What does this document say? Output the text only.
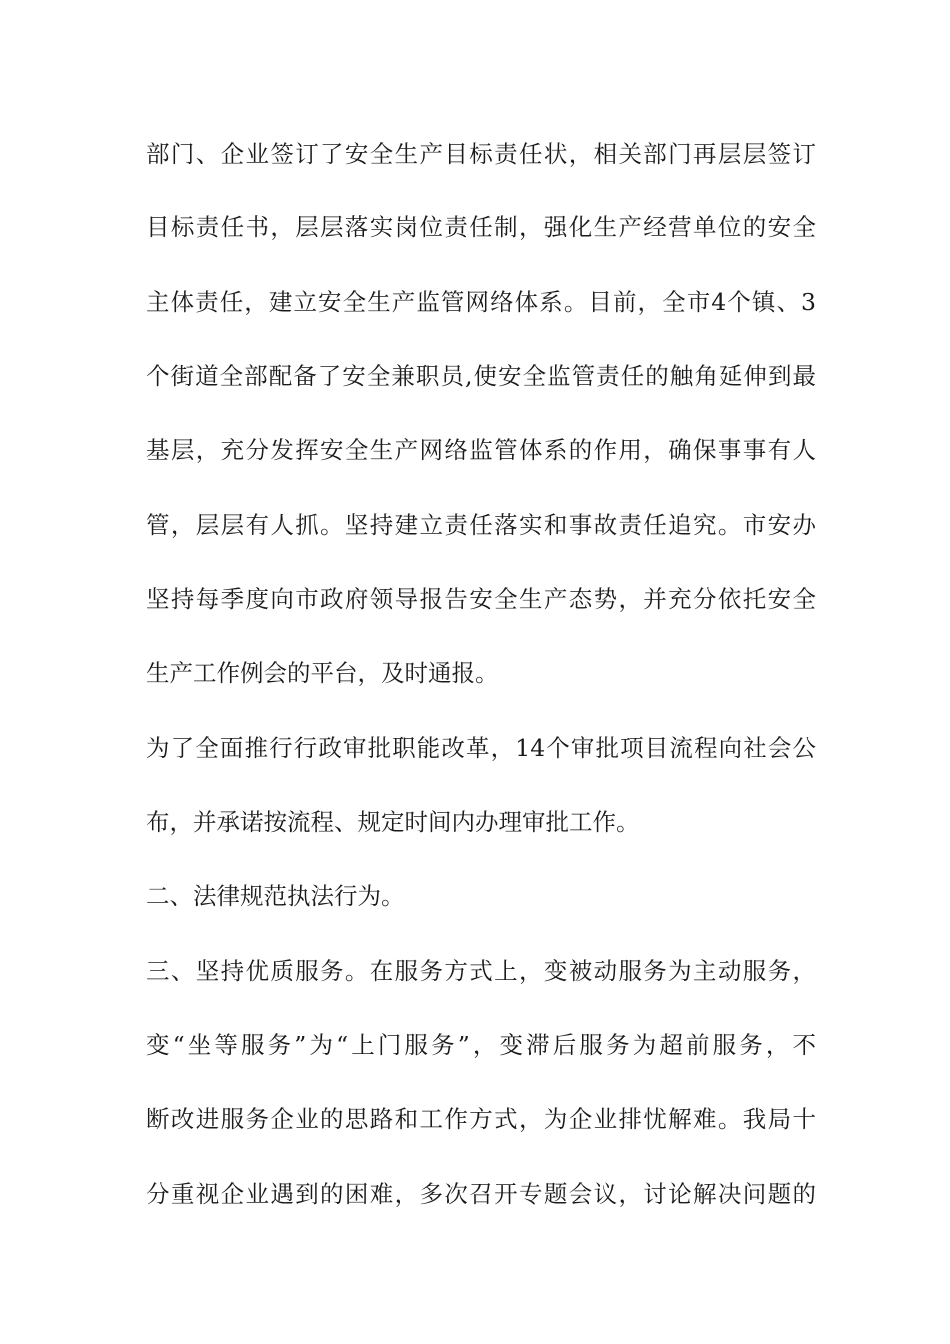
部门、企业签订了安全生产目标责任状，相关部门再层层签订
目标责任书，层层落实岗位责任制，强化生产经营单位的安全
主体责任，建立安全生产监管网络体系。目前，全市4个镇、3
个街道全部配备了安全兼职员,使安全监管责任的触角延伸到最
基层，充分发挥安全生产网络监管体系的作用，确保事事有人
管，层层有人抓。坚持建立责任落实和事故责任追究。市安办
坚持每季度向市政府领导报告安全生产态势，并充分依托安全
生产工作例会的平台，及时通报。
为了全面推行行政审批职能改革，14个审批项目流程向社会公
布，并承诺按流程、规定时间内办理审批工作。
二、法律规范执法行为。
三、坚持优质服务。在服务方式上，变被动服务为主动服务，
变“坐等服务”为“上门服务”，变滞后服务为超前服务，不
断改进服务企业的思路和工作方式，为企业排忧解难。我局十
分重视企业遇到的困难，多次召开专题会议，讨论解决问题的
